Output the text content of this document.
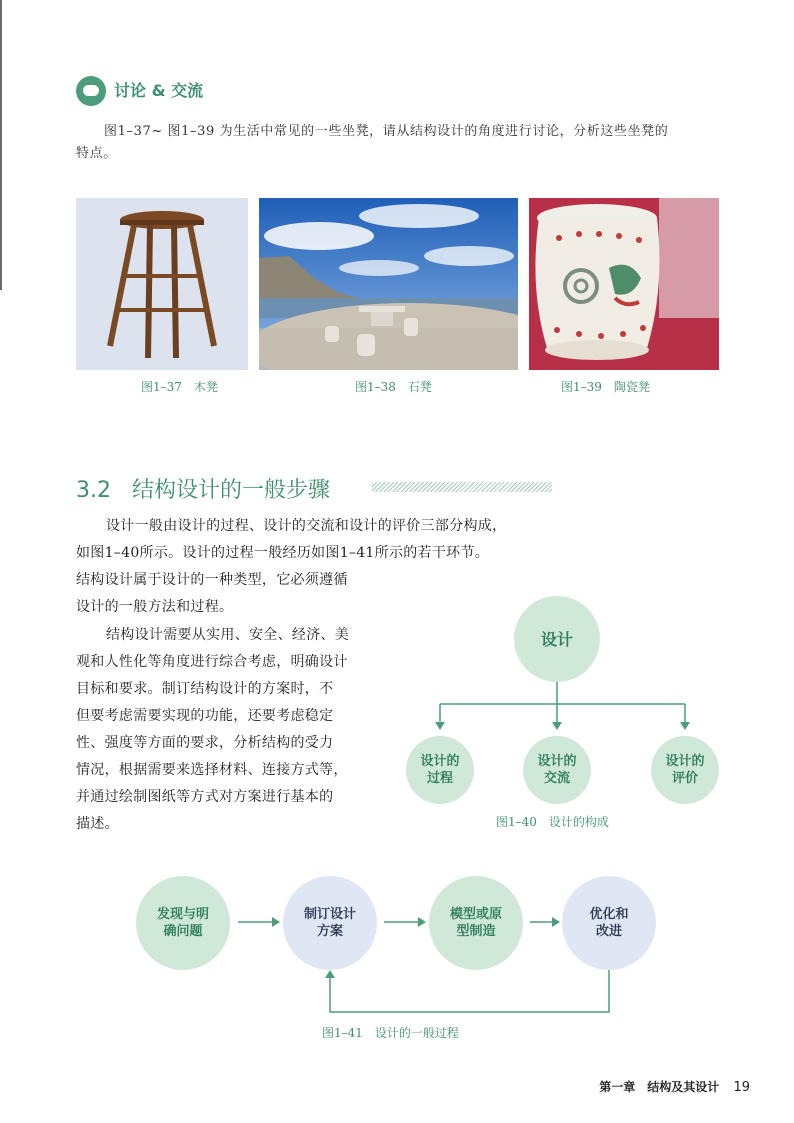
讨论 & 交流
图1–37~ 图1–39 为生活中常见的一些坐凳，请从结构设计的角度进行讨论，分析这些坐凳的
特点。
图1–37　木凳	图1–38　石凳	图1–39　陶瓷凳
3.2 结构设计的一般步骤
设计一般由设计的过程、设计的交流和设计的评价三部分构成，
如图1–40所示。设计的过程一般经历如图1–41所示的若干环节。
结构设计属于设计的一种类型，它必须遵循
设计的一般方法和过程。
结构设计需要从实用、安全、经济、美
观和人性化等角度进行综合考虑，明确设计
目标和要求。制订结构设计的方案时，不
但要考虑需要实现的功能，还要考虑稳定
性、强度等方面的要求，分析结构的受力
情况，根据需要来选择材料、连接方式等，
并通过绘制图纸等方式对方案进行基本的
描述。
设计
设计的
过程
设计的
交流
设计的
评价
图1–40　设计的构成
发现与明
确问题
制订设计
方案
模型或原
型制造
优化和
改进
图1–41　设计的一般过程
第一章　结构及其设计 19
